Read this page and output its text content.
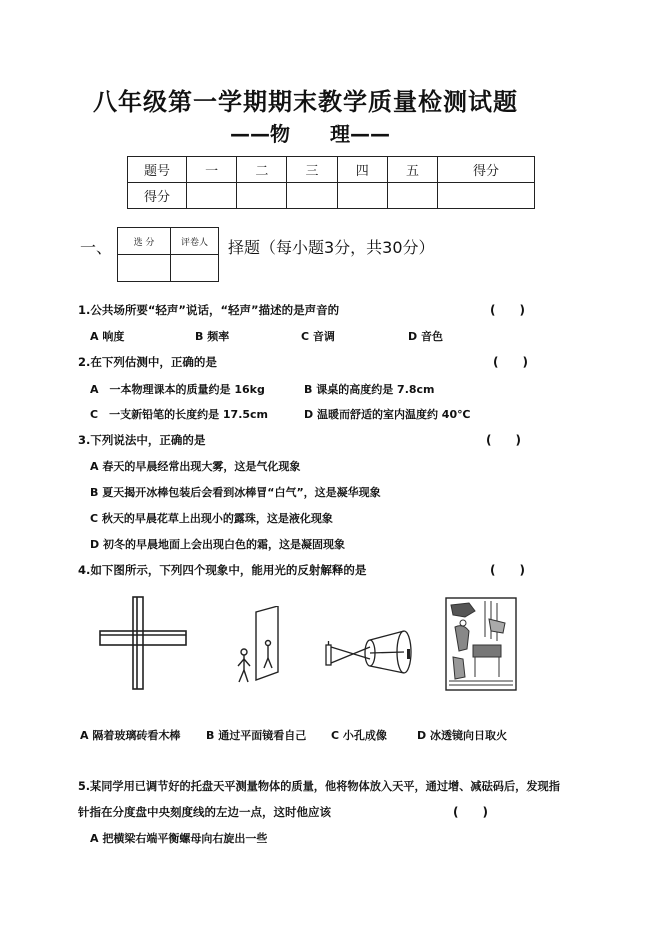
八年级第一学期期末教学质量检测试题
——物　　理——
题号	一	二	三	四	五	得分
得分						
一、 选 分	评卷人
	择题（每小题3分，共30分）
1.公共场所要“轻声”说话，“轻声”描述的是声音的	(　　)
A 响度	B 频率	C 音调	D 音色
2.在下列估测中，正确的是	(　　)
A　一本物理课本的质量约是 16kg	B 课桌的高度约是 7.8cm
C　一支新铅笔的长度约是 17.5cm	D 温暖而舒适的室内温度约 40℃
3.下列说法中，正确的是	(　　)
A 春天的早晨经常出现大雾，这是气化现象
B 夏天揭开冰棒包装后会看到冰棒冒“白气”，这是凝华现象
C 秋天的早晨花草上出现小的露珠，这是液化现象
D 初冬的早晨地面上会出现白色的霜，这是凝固现象
4.如下图所示，下列四个现象中，能用光的反射解释的是	(　　)
A 隔着玻璃砖看木棒 B 通过平面镜看自己 C 小孔成像	D 冰透镜向日取火
5.某同学用已调节好的托盘天平测量物体的质量，他将物体放入天平，通过增、减砝码后，发现指
针指在分度盘中央刻度线的左边一点，这时他应该	(　　)
A 把横梁右端平衡螺母向右旋出一些
